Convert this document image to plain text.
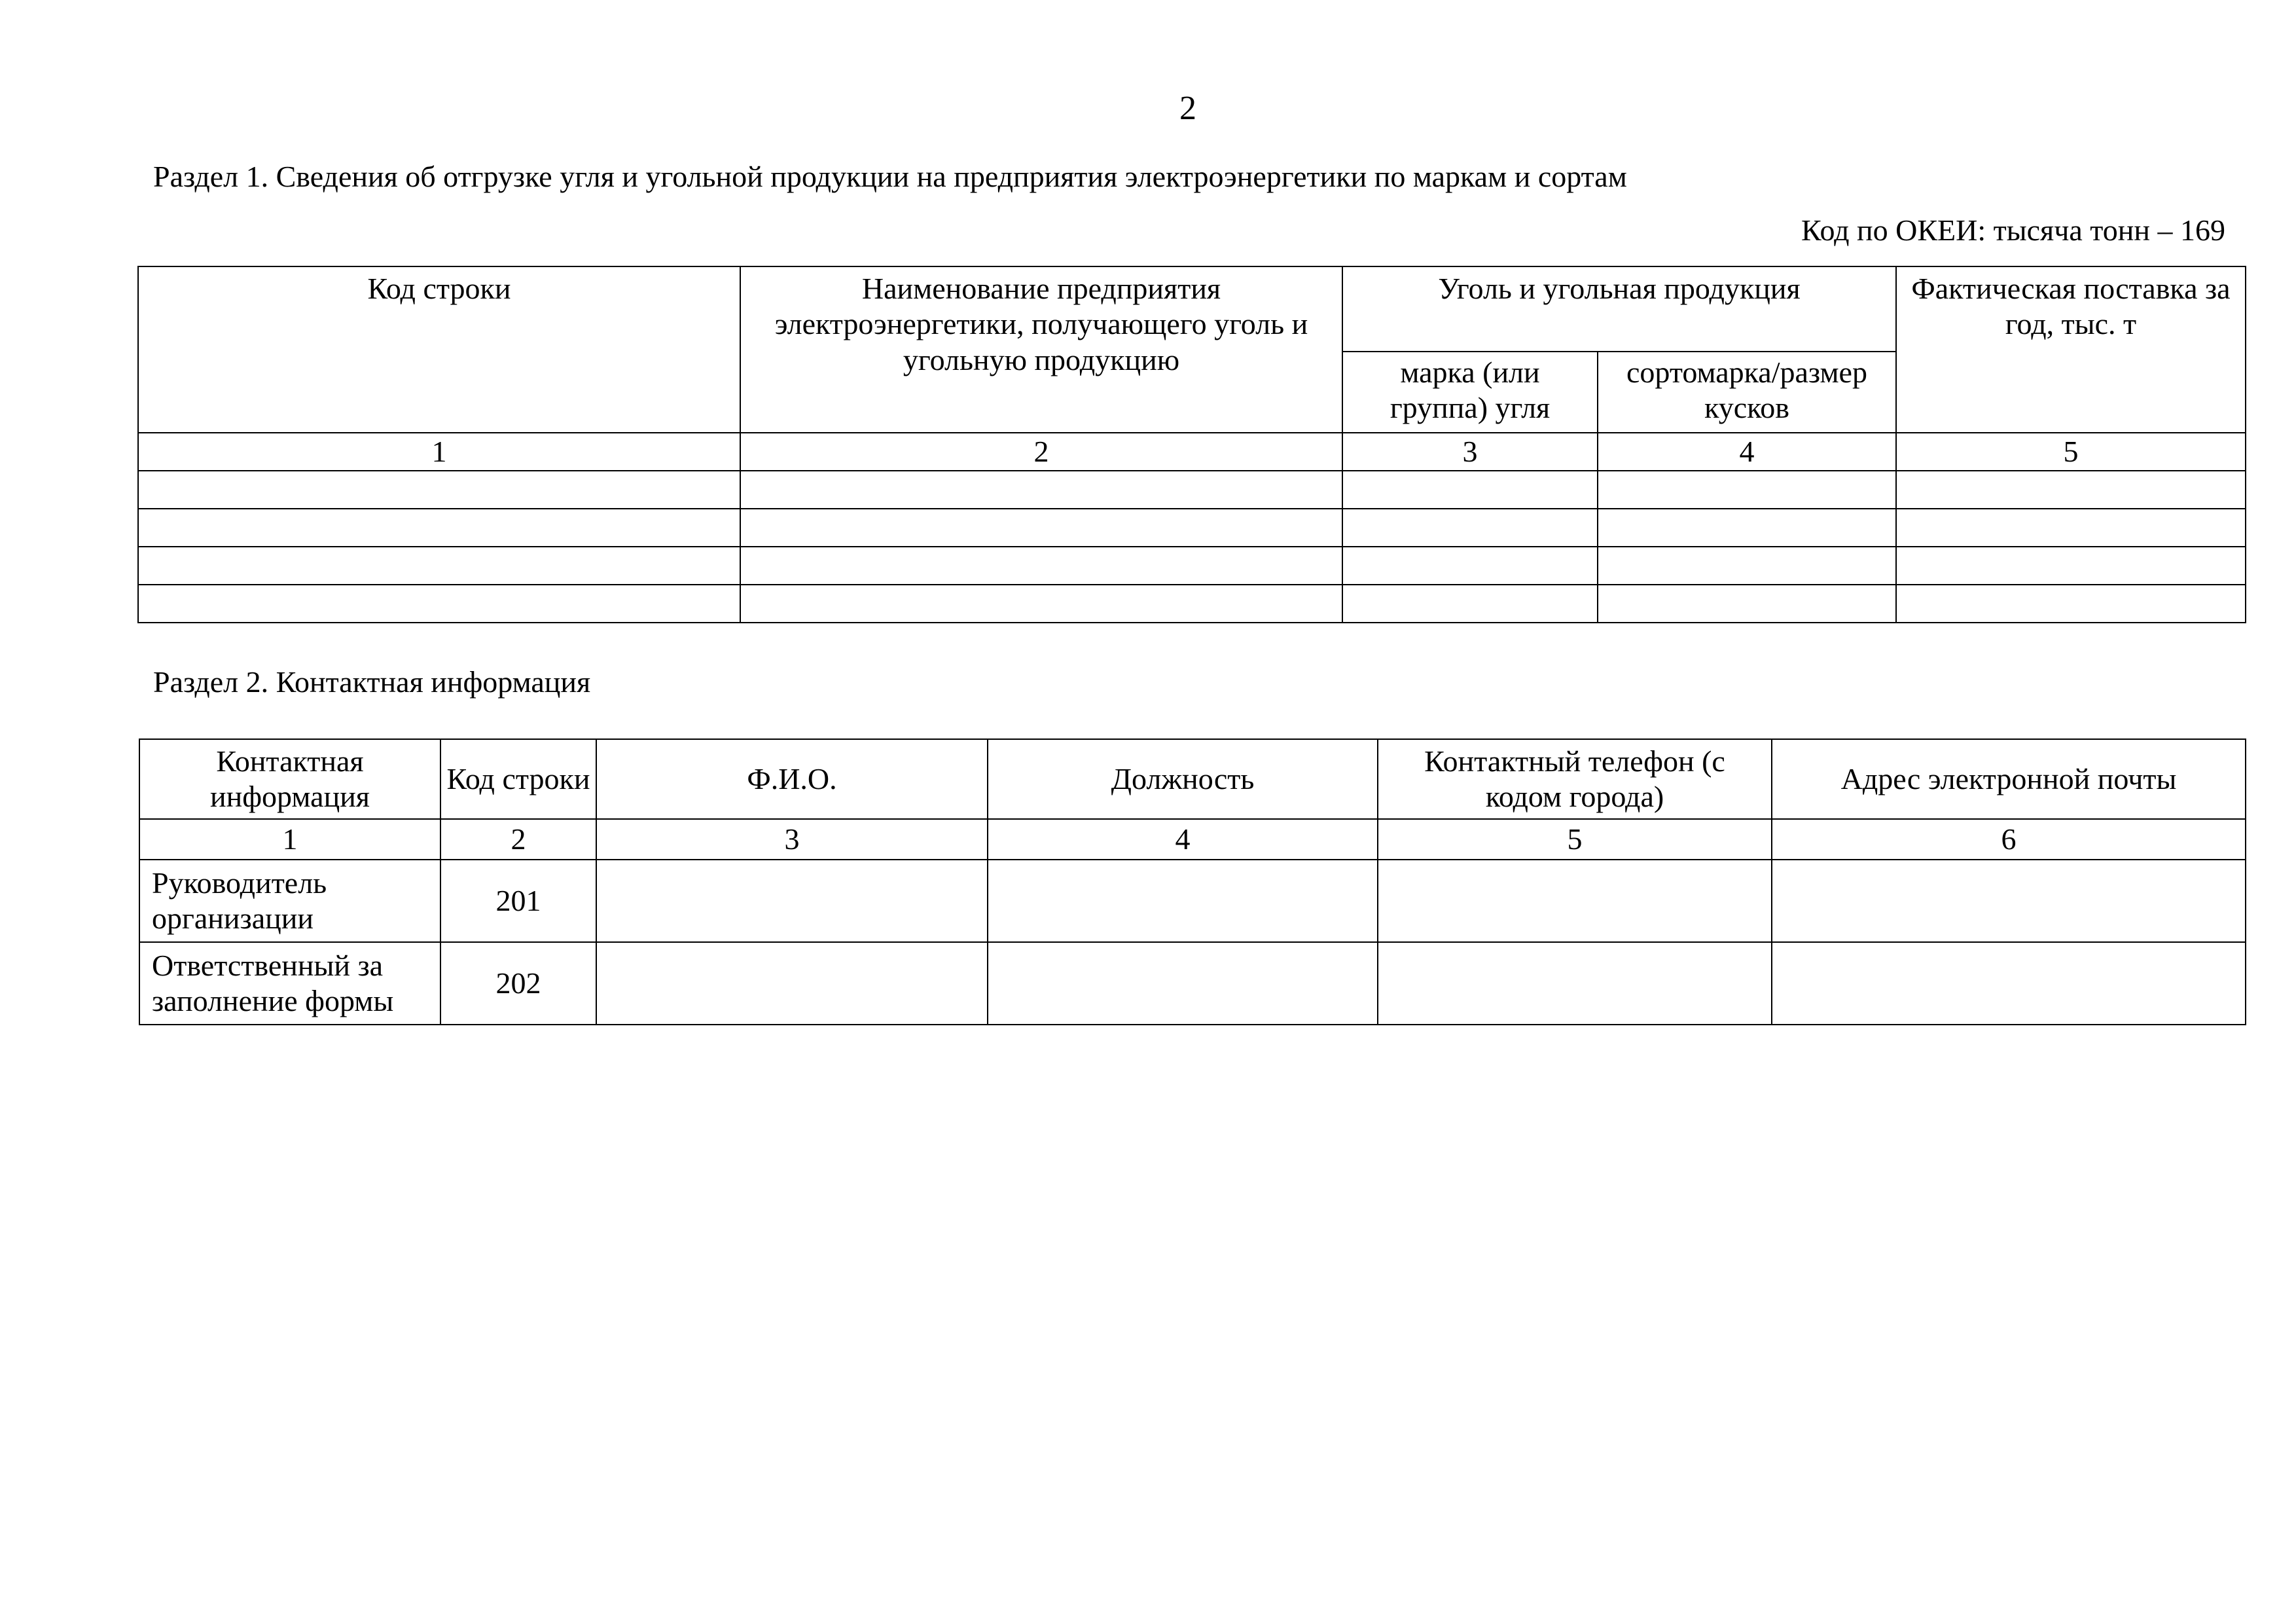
2
Раздел 1. Сведения об отгрузке угля и угольной продукции на предприятия электроэнергетики по маркам и сортам
Код по ОКЕИ: тысяча тонн – 169
Код строки	Наименование предприятия электроэнергетики, получающего уголь и угольную продукцию	Уголь и угольная продукция		Фактическая поставка за год, тыс. т
		марка (или группа) угля	сортомарка/размер кусков	
1	2	3	4	5

Раздел 2. Контактная информация
Контактная информация	Код строки	Ф.И.О.	Должность	Контактный телефон (с кодом города)	Адрес электронной почты
1	2	3	4	5	6
Руководитель организации	201				
Ответственный за заполнение формы	202				
